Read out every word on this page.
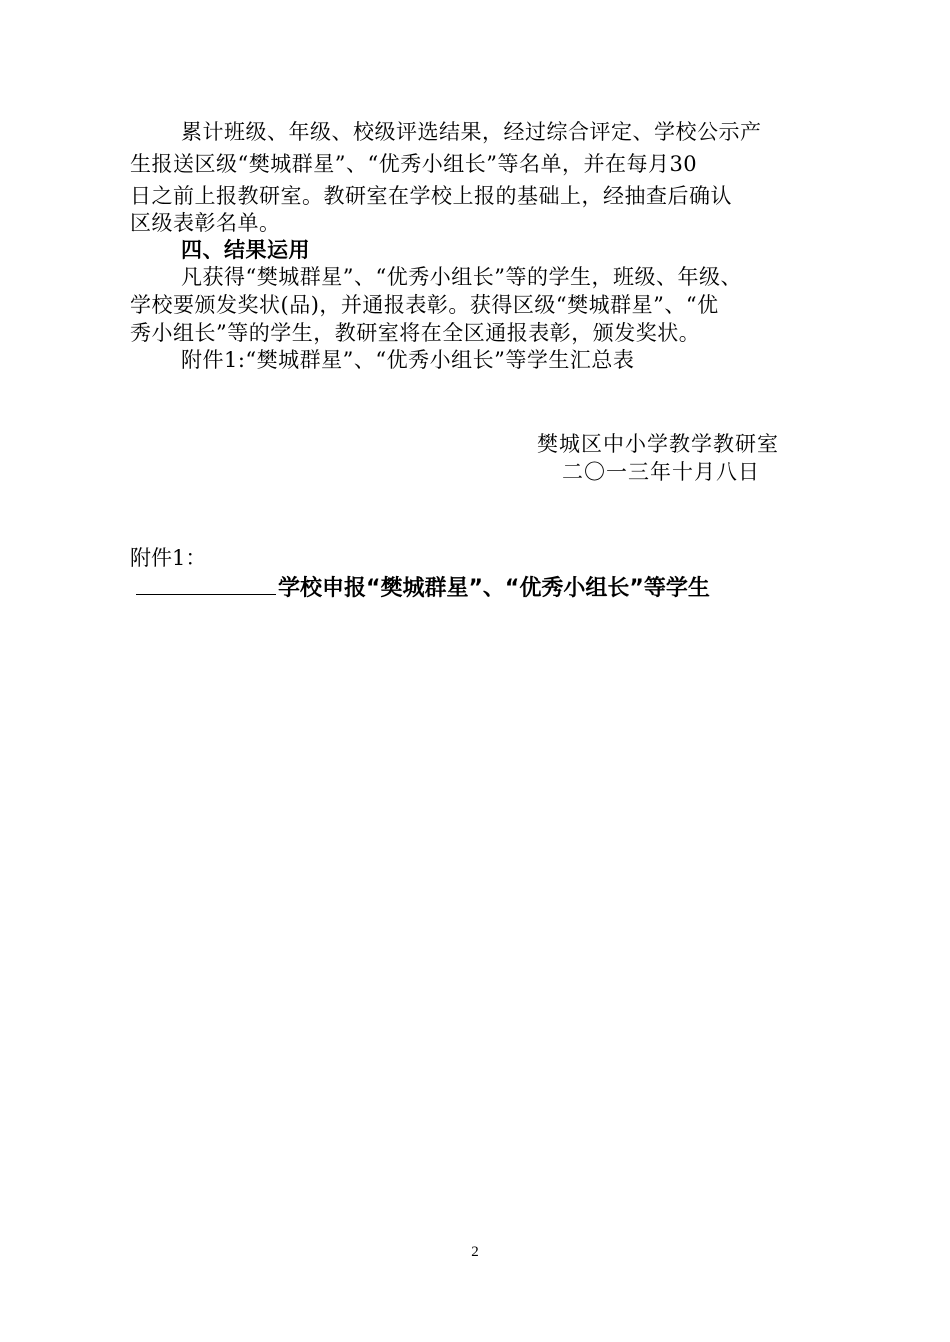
累计班级、年级、校级评选结果，经过综合评定、学校公示产
生报送区级“樊城群星”、“优秀小组长”等名单，并在每月30
日之前上报教研室。教研室在学校上报的基础上，经抽查后确认
区级表彰名单。
四、结果运用
凡获得“樊城群星”、“优秀小组长”等的学生，班级、年级、
学校要颁发奖状(品)，并通报表彰。获得区级“樊城群星”、“优
秀小组长”等的学生，教研室将在全区通报表彰，颁发奖状。
附件1:“樊城群星”、“优秀小组长”等学生汇总表
樊城区中小学教学教研室
二〇一三年十月八日
附件1：
学校申报“樊城群星”、“优秀小组长”等学生
2
